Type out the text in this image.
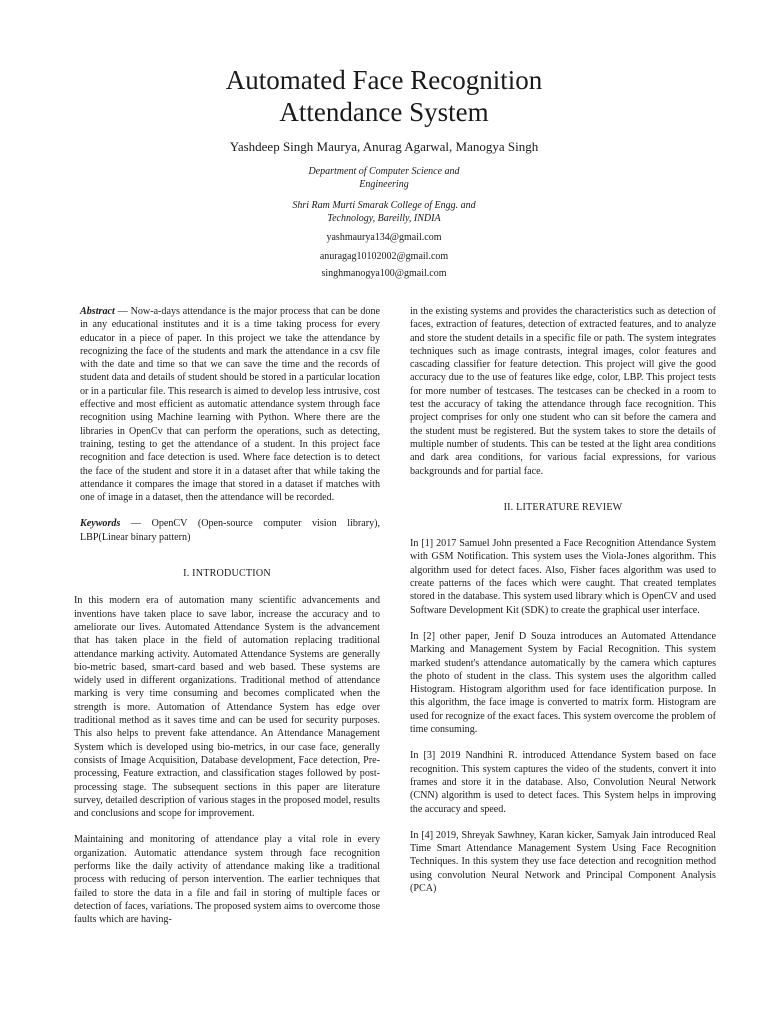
Automated Face Recognition
Attendance System
Yashdeep Singh Maurya, Anurag Agarwal, Manogya Singh
Department of Computer Science and
Engineering
Shri Ram Murti Smarak College of Engg. and
Technology, Bareilly, INDIA
yashmaurya134@gmail.com
anuragag10102002@gmail.com
singhmanogya100@gmail.com

Abstract — Now-a-days attendance is the major process that can be done in any educational institutes and it is a time taking process for every educator in a piece of paper. In this project we take the attendance by recognizing the face of the students and mark the attendance in a csv file with the date and time so that we can save the time and the records of student data and details of student should be stored in a particular location or in a particular file. This research is aimed to develop less intrusive, cost effective and most efficient as automatic attendance system through face recognition using Machine learning with Python. Where there are the libraries in OpenCv that can perform the operations, such as detecting, training, testing to get the attendance of a student. In this project face recognition and face detection is used. Where face detection is to detect the face of the student and store it in a dataset after that while taking the attendance it compares the image that stored in a dataset if matches with one of image in a dataset, then the attendance will be recorded.

Keywords — OpenCV (Open-source computer vision library), LBP(Linear binary pattern)

I. INTRODUCTION

In this modern era of automation many scientific advancements and inventions have taken place to save labor, increase the accuracy and to ameliorate our lives. Automated Attendance System is the advancement that has taken place in the field of automation replacing traditional attendance marking activity. Automated Attendance Systems are generally bio-metric based, smart-card based and web based. These systems are widely used in different organizations. Traditional method of attendance marking is very time consuming and becomes complicated when the strength is more. Automation of Attendance System has edge over traditional method as it saves time and can be used for security purposes. This also helps to prevent fake attendance. An Attendance Management System which is developed using bio-metrics, in our case face, generally consists of Image Acquisition, Database development, Face detection, Pre-processing, Feature extraction, and classification stages followed by post-processing stage. The subsequent sections in this paper are literature survey, detailed description of various stages in the proposed model, results and conclusions and scope for improvement.

Maintaining and monitoring of attendance play a vital role in every organization. Automatic attendance system through face recognition performs like the daily activity of attendance making like a traditional process with reducing of person intervention. The earlier techniques that failed to store the data in a file and fail in storing of multiple faces or detection of faces, variations. The proposed system aims to overcome those faults which are having-

in the existing systems and provides the characteristics such as detection of faces, extraction of features, detection of extracted features, and to analyze and store the student details in a specific file or path. The system integrates techniques such as image contrasts, integral images, color features and cascading classifier for feature detection. This project will give the good accuracy due to the use of features like edge, color, LBP. This project tests for more number of testcases. The testcases can be checked in a room to test the accuracy of taking the attendance through face recognition. This project comprises for only one student who can sit before the camera and the student must be registered. But the system takes to store the details of multiple number of students. This can be tested at the light area conditions and dark area conditions, for various facial expressions, for various backgrounds and for partial face.

II. LITERATURE REVIEW

In [1] 2017 Samuel John presented a Face Recognition Attendance System with GSM Notification. This system uses the Viola-Jones algorithm. This algorithm used for detect faces. Also, Fisher faces algorithm was used to create patterns of the faces which were caught. That created templates stored in the database. This system used library which is OpenCV and used Software Development Kit (SDK) to create the graphical user interface.

In [2] other paper, Jenif D Souza introduces an Automated Attendance Marking and Management System by Facial Recognition. This system marked student's attendance automatically by the camera which captures the photo of student in the class. This system uses the algorithm called Histogram. Histogram algorithm used for face identification purpose. In this algorithm, the face image is converted to matrix form. Histogram are used for recognize of the exact faces. This system overcome the problem of time consuming.

In [3] 2019 Nandhini R. introduced Attendance System based on face recognition. This system captures the video of the students, convert it into frames and store it in the database. Also, Convolution Neural Network (CNN) algorithm is used to detect faces. This System helps in improving the accuracy and speed.

In [4] 2019, Shreyak Sawhney, Karan kicker, Samyak Jain introduced Real Time Smart Attendance Management System Using Face Recognition Techniques. In this system they use face detection and recognition method using convolution Neural Network and Principal Component Analysis (PCA)
